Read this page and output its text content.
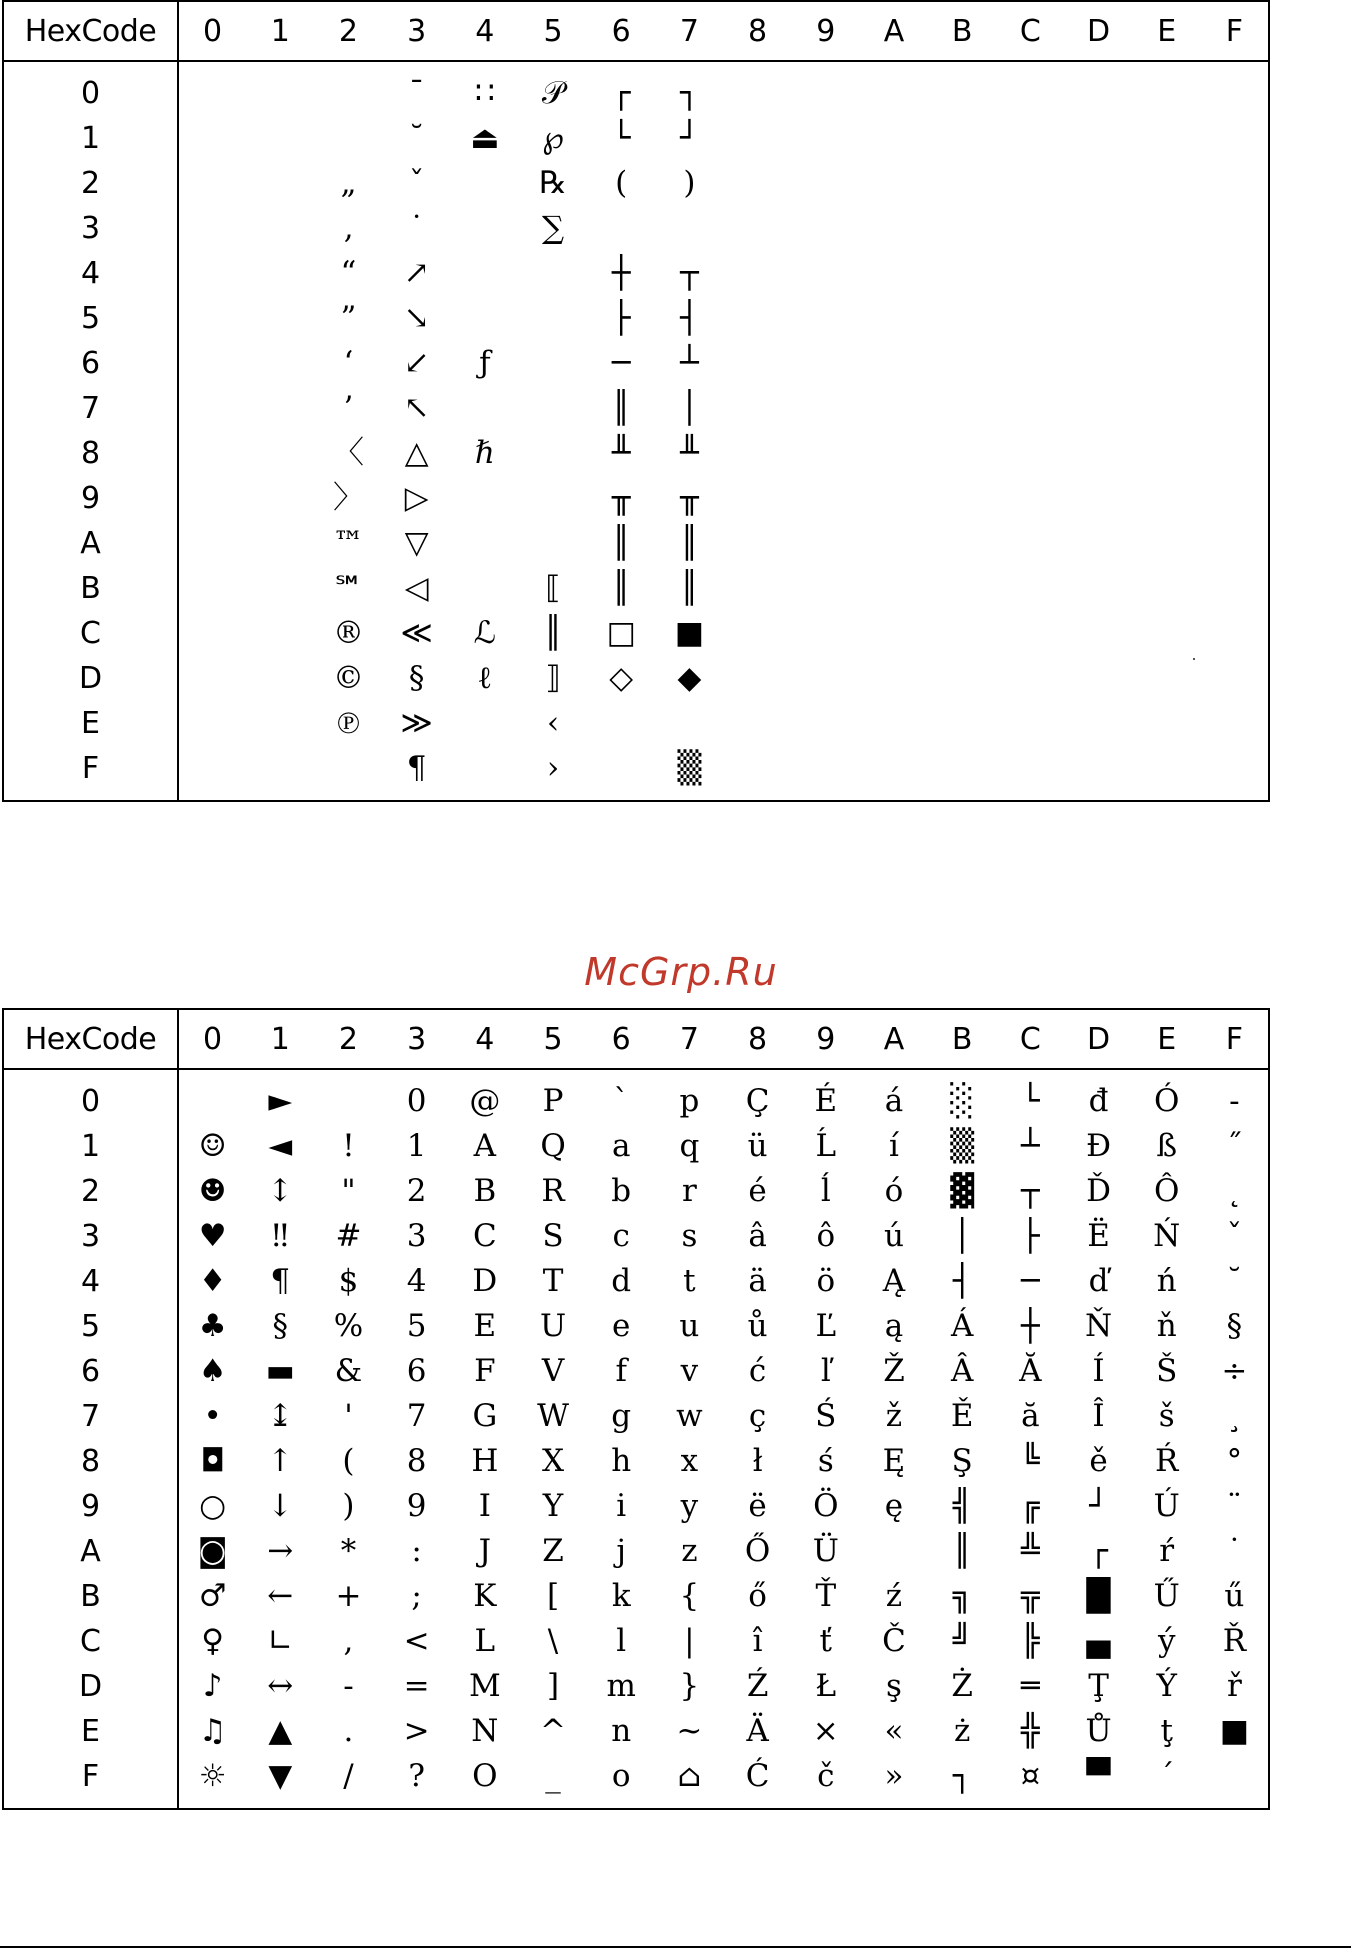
HexCode	0	1	2	3	4	5	6	7	8	9	A	B	C	D	E	F

0				¯	∷	𝒫	┌	┐								
1				˘	⏏	℘	└	┘								
2			„	ˇ		℞	(	)								
3			‚	˙		∑										
4			“	↗			┼	┬								
5			”	↘			├	┤								
6			‘	↙	ƒ		─	┴								
7			’	↖			║	│								
8			〈	△	ℏ		╨	╨								
9			〉	▷			╥	╥								
A			™	▽			║	║								
B			℠	◁		⟦	║	║								
C			®	≪	ℒ	║	□	■								
D			©	§	ℓ	⟧	◇	◆								
E			℗	≫		‹										
F				¶		›		▒								

McGrp.Ru
HexCode	0	1	2	3	4	5	6	7	8	9	A	B	C	D	E	F

0		►		0	@	P	`	p	Ç	É	á	░	└	đ	Ó	-
1	☺	◄	!	1	A	Q	a	q	ü	Ĺ	í	▒	┴	Đ	ß	˝
2	☻	↕	"	2	B	R	b	r	é	ĺ	ó	▓	┬	Ď	Ô	˛
3	♥	‼	#	3	C	S	c	s	â	ô	ú	│	├	Ë	Ń	ˇ
4	♦	¶	$	4	D	T	d	t	ä	ö	Ą	┤	─	ď	ń	˘
5	♣	§	%	5	E	U	e	u	ů	Ľ	ą	Á	┼	Ň	ň	§
6	♠	▬	&	6	F	V	f	v	ć	ľ	Ž	Â	Ă	Í	Š	÷
7	•	↨	'	7	G	W	g	w	ç	Ś	ž	Ě	ă	Î	š	¸
8	◘	↑	(	8	H	X	h	x	ł	ś	Ę	Ş	╚	ě	Ŕ	°
9	○	↓	)	9	I	Y	i	y	ë	Ö	ę	╣	╔	┘	Ú	¨
A	◙	→	*	:	J	Z	j	z	Ő	Ü		║	╩	┌	ŕ	˙
B	♂	←	+	;	K	[	k	{	ő	Ť	ź	╗	╦	█	Ű	ű
C	♀	∟	,	<	L	\	l	|	î	ť	Č	╝	╠	▄	ý	Ř
D	♪	↔	-	=	M	]	m	}	Ź	Ł	ş	Ż	═	Ţ	Ý	ř
E	♫	▲	.	>	N	^	n	~	Ä	×	«	ż	╬	Ů	ţ	■
F	☼	▼	/	?	O	_	o	⌂	Ć	č	»	┐	¤	▀	´	
